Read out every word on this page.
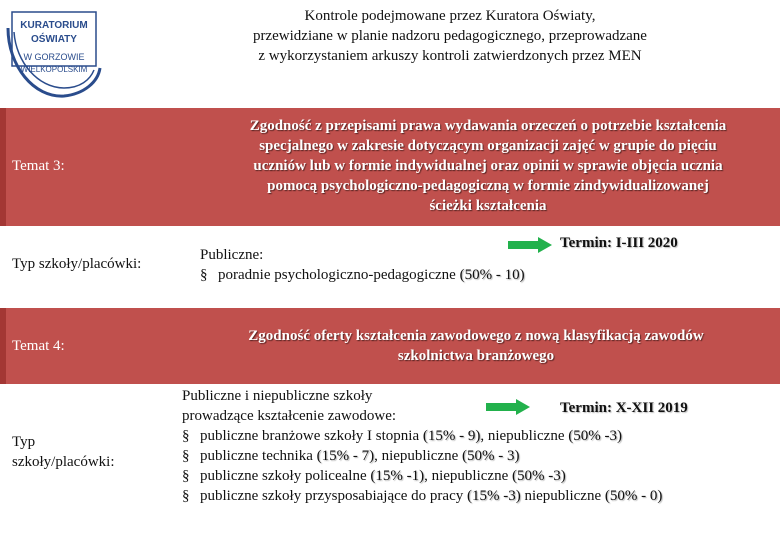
KURATORIUM
OŚWIATY
W GORZOWIE
WIELKOPOLSKIM
Kontrole podejmowane przez Kuratora Oświaty,
przewidziane w planie nadzoru pedagogicznego, przeprowadzane
z wykorzystaniem arkuszy kontroli zatwierdzonych przez MEN
Temat 3:
Zgodność z przepisami prawa wydawania orzeczeń o potrzebie kształcenia
specjalnego w zakresie dotyczącym organizacji zajęć w grupie do pięciu
uczniów lub w formie indywidualnej oraz opinii w sprawie objęcia ucznia
pomocą psychologiczno-pedagogiczną w formie zindywidualizowanej
ścieżki kształcenia
Typ szkoły/placówki:
Termin: I-III 2020
Publiczne:
§ poradnie psychologiczno-pedagogiczne (50% - 10)
Temat 4:
Zgodność oferty kształcenia zawodowego z nową klasyfikacją zawodów
szkolnictwa branżowego
Typ
szkoły/placówki:
Termin: X-XII 2019
Publiczne i niepubliczne szkoły
prowadzące kształcenie zawodowe:
§ publiczne branżowe szkoły I stopnia (15% - 9), niepubliczne (50% -3)
§ publiczne technika (15% - 7), niepubliczne (50% - 3)
§ publiczne szkoły policealne (15% -1), niepubliczne (50% -3)
§ publiczne szkoły przysposabiające do pracy (15% -3) niepubliczne (50% - 0)
